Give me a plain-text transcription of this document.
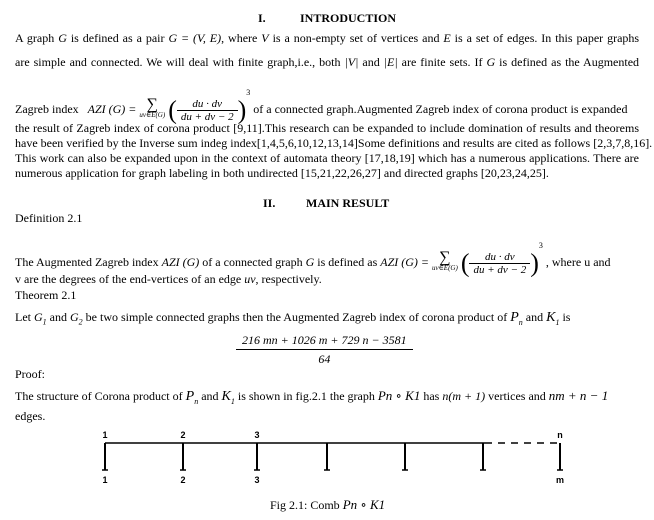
I.	INTRODUCTION
A graph G is defined as a pair G = (V, E), where V is a non-empty set of vertices and E is a set of edges. In this paper graphs
are simple and connected. We will deal with finite graph,i.e., both |V| and |E| are finite sets. If G is defined as the Augmented
Zagreb index AZI (G) = ∑
uv∈E(G) ( $\frac{du \cdot dv}{du + dv - 2} )^3$ of a connected graph.Augmented Zagreb index of corona product is expanded
the result of Zagreb index of corona product [9,11].This research can be expanded to include domination of results and theorems
have been verified by the Inverse sum indeg index[1,4,5,6,10,12,13,14]Some definitions and results are cited as follows [2,3,7,8,16].
This work can also be expanded upon in the context of automata theory [17,18,19] which has a numerous applications. There are
numerous application for graph labeling in both undirected [15,21,22,26,27] and directed graphs [20,23,24,25].
II.	MAIN RESULT
Definition 2.1
The Augmented Zagreb index AZI (G) of a connected graph G is defined as AZI (G) = ∑
uv∈E(G) ( $\frac{du \cdot dv}{du + dv - 2} )^3$ , where u and
v are the degrees of the end-vertices of an edge uv, respectively.
Theorem 2.1
Let $G_1$ and $G_2$ be two simple connected graphs then the Augmented Zagreb index of corona product of $P_n$ and $K_1$ is
$\frac{216 mn + 1026 m + 729 n - 3581}{64}$
Proof:
The structure of Corona product of $P_n$ and $K_1$ is shown in fig.2.1 the graph Pn ∘ K1 has n(m + 1) vertices and nm + n − 1
edges.
1
1
2
2
3
3
n
m
Fig 2.1: Comb Pn ∘ K1
